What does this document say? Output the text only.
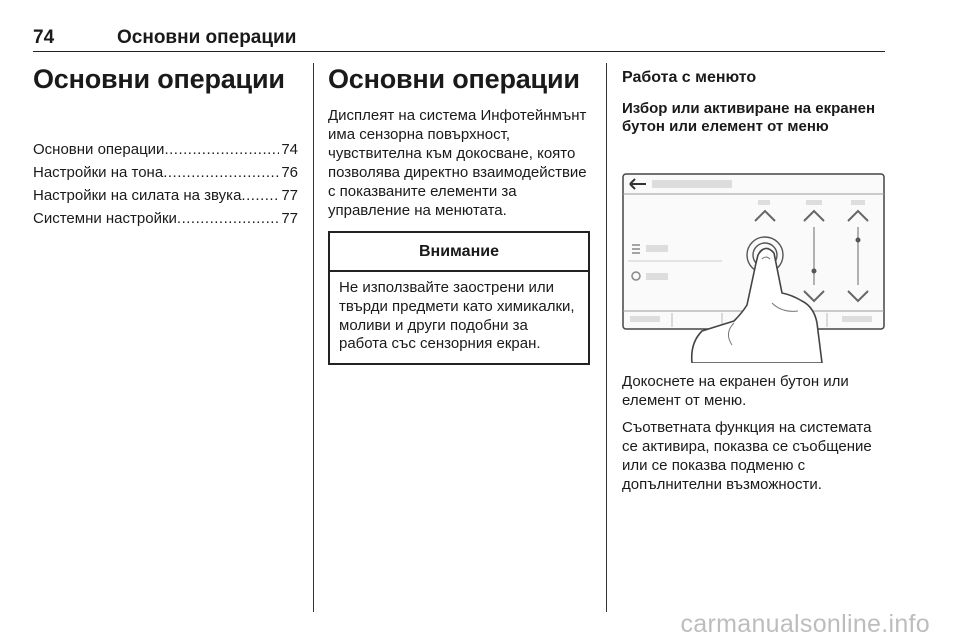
74	Основни операции
Основни операции
Основни операции .....	74
Настройки на тона .....	76
Настройки на силата на звука .....	77
Системни настройки .....	77
Основни операции

Дисплеят на система Инфотейнмънт има сензорна повърхност, чувствителна към докосване, която позволява директно взаимодействие с показваните елементи за управление на менютата.

Внимание
Не използвайте заострени или твърди предмети като химикалки, моливи и други подобни за работа със сензорния екран.
Работа с менюто
Избор или активиране на екранен бутон или елемент от меню

Докоснете на екранен бутон или елемент от меню.

Съответната функция на системата се активира, показва се съобщение или се показва подменю с допълнителни възможности.

carmanualsonline.info
